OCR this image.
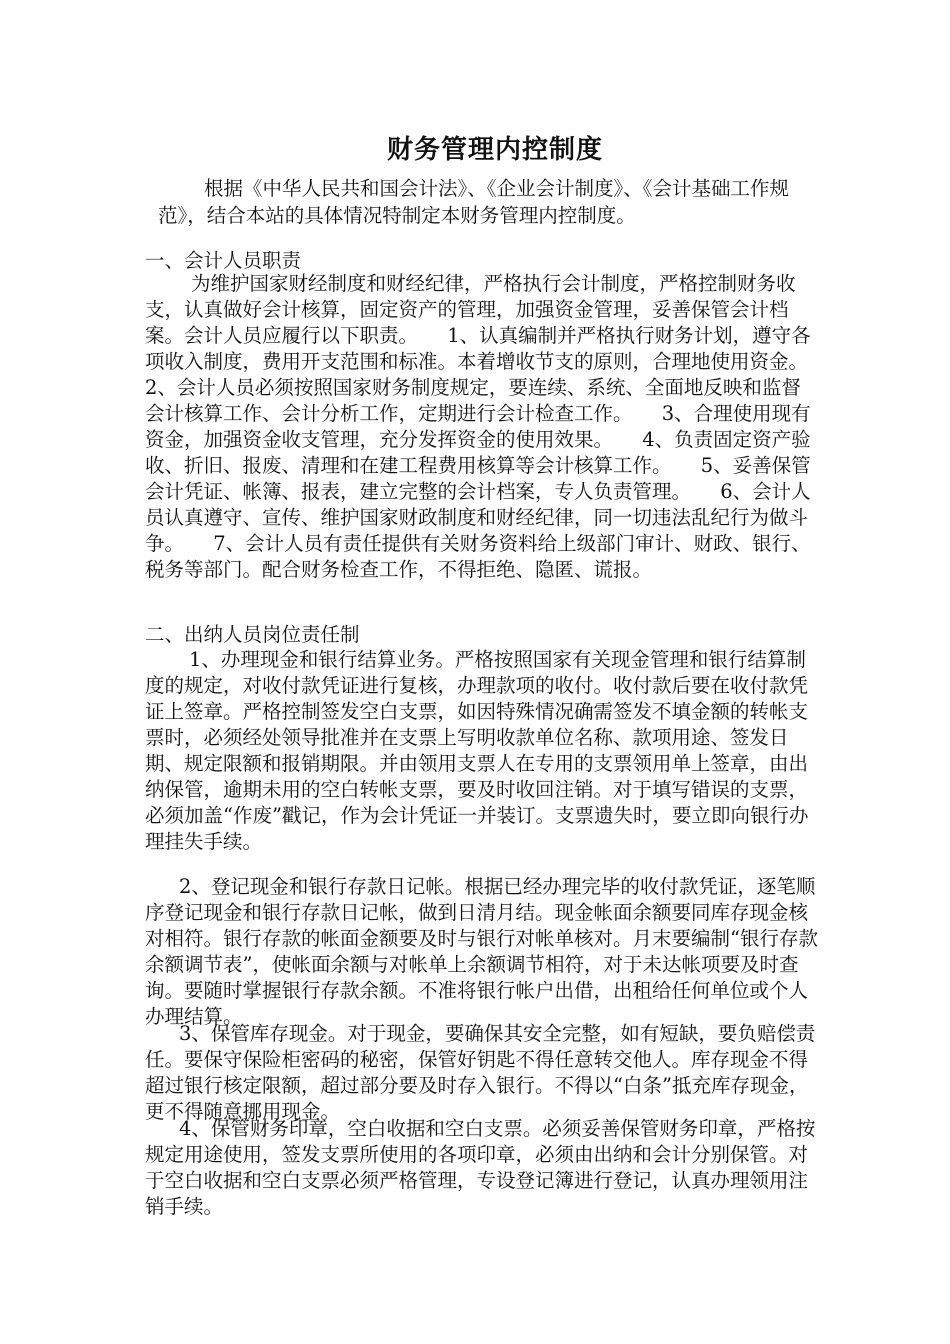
财务管理内控制度
根据《中华人民共和国会计法》、《企业会计制度》、《会计基础工作规范》，结合本站的具体情况特制定本财务管理内控制度。
一、会计人员职责
为维护国家财经制度和财经纪律，严格执行会计制度，严格控制财务收支，认真做好会计核算，固定资产的管理，加强资金管理，妥善保管会计档案。会计人员应履行以下职责。　　1、认真编制并严格执行财务计划，遵守各项收入制度，费用开支范围和标准。本着增收节支的原则，合理地使用资金。　　2、会计人员必须按照国家财务制度规定，要连续、系统、全面地反映和监督会计核算工作、会计分析工作，定期进行会计检查工作。　　3、合理使用现有资金，加强资金收支管理，充分发挥资金的使用效果。　　4、负责固定资产验收、折旧、报废、清理和在建工程费用核算等会计核算工作。　　5、妥善保管会计凭证、帐簿、报表，建立完整的会计档案，专人负责管理。　　6、会计人员认真遵守、宣传、维护国家财政制度和财经纪律，同一切违法乱纪行为做斗争。　　7、会计人员有责任提供有关财务资料给上级部门审计、财政、银行、税务等部门。配合财务检查工作，不得拒绝、隐匿、谎报。
二、出纳人员岗位责任制
1、办理现金和银行结算业务。严格按照国家有关现金管理和银行结算制度的规定，对收付款凭证进行复核，办理款项的收付。收付款后要在收付款凭证上签章。严格控制签发空白支票，如因特殊情况确需签发不填金额的转帐支票时，必须经处领导批准并在支票上写明收款单位名称、款项用途、签发日期、规定限额和报销期限。并由领用支票人在专用的支票领用单上签章，由出纳保管，逾期未用的空白转帐支票，要及时收回注销。对于填写错误的支票，必须加盖“作废”戳记，作为会计凭证一并装订。支票遗失时，要立即向银行办理挂失手续。
2、登记现金和银行存款日记帐。根据已经办理完毕的收付款凭证，逐笔顺序登记现金和银行存款日记帐，做到日清月结。现金帐面余额要同库存现金核对相符。银行存款的帐面金额要及时与银行对帐单核对。月末要编制“银行存款余额调节表”，使帐面余额与对帐单上余额调节相符，对于未达帐项要及时查询。要随时掌握银行存款余额。不准将银行帐户出借，出租给任何单位或个人办理结算。
3、保管库存现金。对于现金，要确保其安全完整，如有短缺，要负赔偿责任。要保守保险柜密码的秘密，保管好钥匙不得任意转交他人。库存现金不得超过银行核定限额，超过部分要及时存入银行。不得以“白条”抵充库存现金，更不得随意挪用现金。
4、保管财务印章，空白收据和空白支票。必须妥善保管财务印章，严格按规定用途使用，签发支票所使用的各项印章，必须由出纳和会计分别保管。对于空白收据和空白支票必须严格管理，专设登记簿进行登记，认真办理领用注销手续。
